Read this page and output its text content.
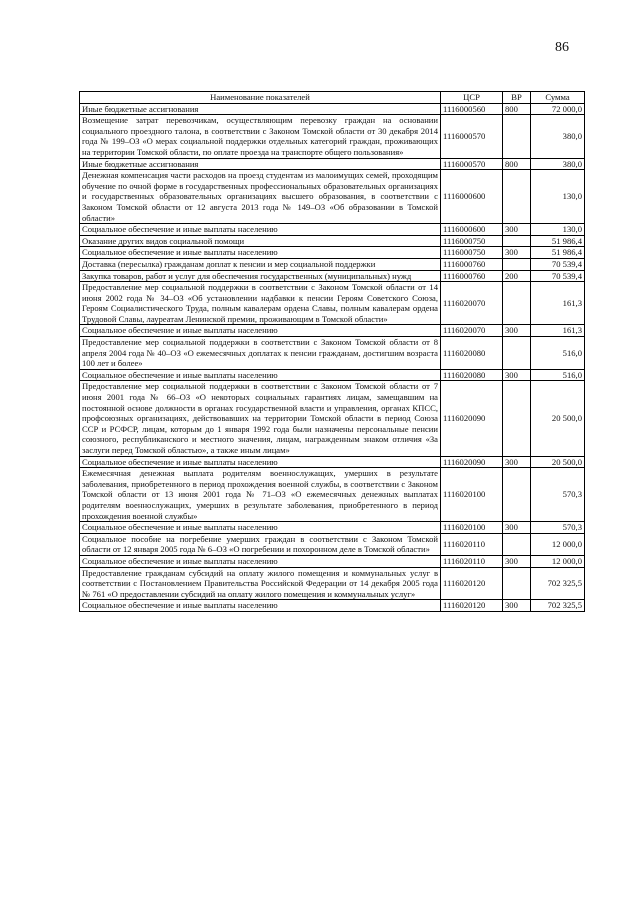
86
Наименование показателей	ЦСР	ВР	Сумма
Иные бюджетные ассигнования	1116000560	800	72 000,0
Возмещение затрат перевозчикам, осуществляющим перевозку граждан на основании социального проездного талона, в соответствии с Законом Томской области от 30 декабря 2014 года № 199–ОЗ «О мерах социальной поддержки отдельных категорий граждан, проживающих на территории Томской области, по оплате проезда на транспорте общего пользования»	1116000570		380,0
Иные бюджетные ассигнования	1116000570	800	380,0
Денежная компенсация части расходов на проезд студентам из малоимущих семей, проходящим обучение по очной форме в государственных профессиональных образовательных организациях и государственных образовательных организациях высшего образования, в соответствии с Законом Томской области от 12 августа 2013 года № 149–ОЗ «Об образовании в Томской области»	1116000600		130,0
Социальное обеспечение и иные выплаты населению	1116000600	300	130,0
Оказание других видов социальной помощи	1116000750		51 986,4
Социальное обеспечение и иные выплаты населению	1116000750	300	51 986,4
Доставка (пересылка) гражданам доплат к пенсии и мер социальной поддержки	1116000760		70 539,4
Закупка товаров, работ и услуг для обеспечения государственных (муниципальных) нужд	1116000760	200	70 539,4
Предоставление мер социальной поддержки в соответствии с Законом Томской области от 14 июня 2002 года № 34–ОЗ «Об установлении надбавки к пенсии Героям Советского Союза, Героям Социалистического Труда, полным кавалерам ордена Славы, полным кавалерам ордена Трудовой Славы, лауреатам Ленинской премии, проживающим в Томской области»	1116020070		161,3
Социальное обеспечение и иные выплаты населению	1116020070	300	161,3
Предоставление мер социальной поддержки в соответствии с Законом Томской области от 8 апреля 2004 года № 40–ОЗ «О ежемесячных доплатах к пенсии гражданам, достигшим возраста 100 лет и более»	1116020080		516,0
Социальное обеспечение и иные выплаты населению	1116020080	300	516,0
Предоставление мер социальной поддержки в соответствии с Законом Томской области от 7 июня 2001 года № 66–ОЗ «О некоторых социальных гарантиях лицам, замещавшим на постоянной основе должности в органах государственной власти и управления, органах КПСС, профсоюзных организациях, действовавших на территории Томской области в период Союза ССР и РСФСР, лицам, которым до 1 января 1992 года были назначены персональные пенсии союзного, республиканского и местного значения, лицам, награжденным знаком отличия «За заслуги перед Томской областью», а также иным лицам»	1116020090		20 500,0
Социальное обеспечение и иные выплаты населению	1116020090	300	20 500,0
Ежемесячная денежная выплата родителям военнослужащих, умерших в результате заболевания, приобретенного в период прохождения военной службы, в соответствии с Законом Томской области от 13 июня 2001 года № 71–ОЗ «О ежемесячных денежных выплатах родителям военнослужащих, умерших в результате заболевания, приобретенного в период прохождения военной службы»	1116020100		570,3
Социальное обеспечение и иные выплаты населению	1116020100	300	570,3
Социальное пособие на погребение умерших граждан в соответствии с Законом Томской области от 12 января 2005 года № 6–ОЗ «О погребении и похоронном деле в Томской области»	1116020110		12 000,0
Социальное обеспечение и иные выплаты населению	1116020110	300	12 000,0
Предоставление гражданам субсидий на оплату жилого помещения и коммунальных услуг в соответствии с Постановлением Правительства Российской Федерации от 14 декабря 2005 года № 761 «О предоставлении субсидий на оплату жилого помещения и коммунальных услуг»	1116020120		702 325,5
Социальное обеспечение и иные выплаты населению	1116020120	300	702 325,5
